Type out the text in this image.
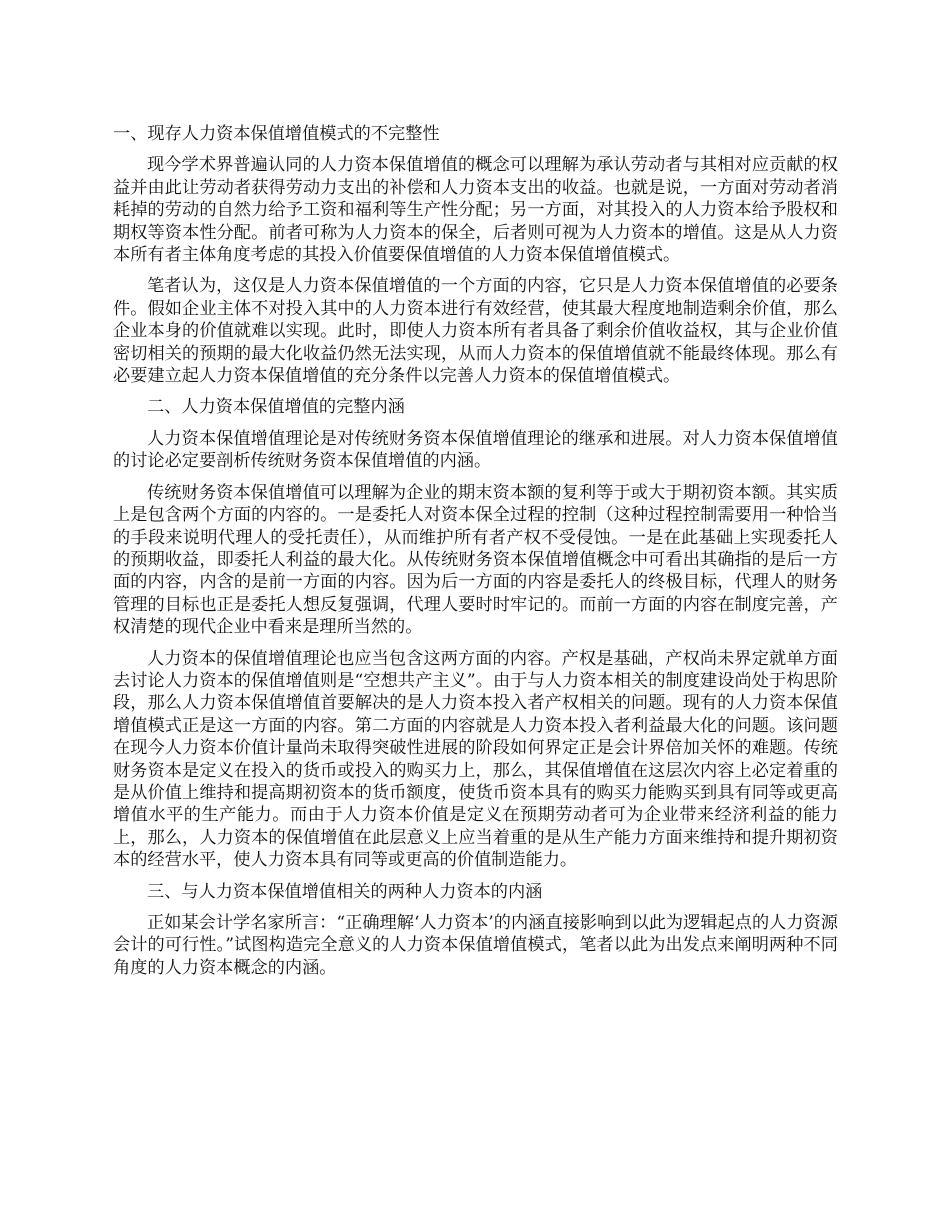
一、现存人力资本保值增值模式的不完整性

现今学术界普遍认同的人力资本保值增值的概念可以理解为承认劳动者与其相对应贡献的权益并由此让劳动者获得劳动力支出的补偿和人力资本支出的收益。也就是说，一方面对劳动者消耗掉的劳动的自然力给予工资和福利等生产性分配；另一方面，对其投入的人力资本给予股权和期权等资本性分配。前者可称为人力资本的保全，后者则可视为人力资本的增值。这是从人力资本所有者主体角度考虑的其投入价值要保值增值的人力资本保值增值模式。

笔者认为，这仅是人力资本保值增值的一个方面的内容，它只是人力资本保值增值的必要条件。假如企业主体不对投入其中的人力资本进行有效经营，使其最大程度地制造剩余价值，那么企业本身的价值就难以实现。此时，即使人力资本所有者具备了剩余价值收益权，其与企业价值密切相关的预期的最大化收益仍然无法实现，从而人力资本的保值增值就不能最终体现。那么有必要建立起人力资本保值增值的充分条件以完善人力资本的保值增值模式。

二、人力资本保值增值的完整内涵

人力资本保值增值理论是对传统财务资本保值增值理论的继承和进展。对人力资本保值增值的讨论必定要剖析传统财务资本保值增值的内涵。

传统财务资本保值增值可以理解为企业的期末资本额的复利等于或大于期初资本额。其实质上是包含两个方面的内容的。一是委托人对资本保全过程的控制（这种过程控制需要用一种恰当的手段来说明代理人的受托责任），从而维护所有者产权不受侵蚀。一是在此基础上实现委托人的预期收益，即委托人利益的最大化。从传统财务资本保值增值概念中可看出其确指的是后一方面的内容，内含的是前一方面的内容。因为后一方面的内容是委托人的终极目标，代理人的财务管理的目标也正是委托人想反复强调，代理人要时时牢记的。而前一方面的内容在制度完善，产权清楚的现代企业中看来是理所当然的。

人力资本的保值增值理论也应当包含这两方面的内容。产权是基础，产权尚未界定就单方面去讨论人力资本的保值增值则是“空想共产主义”。由于与人力资本相关的制度建设尚处于构思阶段，那么人力资本保值增值首要解决的是人力资本投入者产权相关的问题。现有的人力资本保值增值模式正是这一方面的内容。第二方面的内容就是人力资本投入者利益最大化的问题。该问题在现今人力资本价值计量尚未取得突破性进展的阶段如何界定正是会计界倍加关怀的难题。传统财务资本是定义在投入的货币或投入的购买力上，那么，其保值增值在这层次内容上必定着重的是从价值上维持和提高期初资本的货币额度，使货币资本具有的购买力能购买到具有同等或更高增值水平的生产能力。而由于人力资本价值是定义在预期劳动者可为企业带来经济利益的能力上，那么，人力资本的保值增值在此层意义上应当着重的是从生产能力方面来维持和提升期初资本的经营水平，使人力资本具有同等或更高的价值制造能力。

三、与人力资本保值增值相关的两种人力资本的内涵

正如某会计学名家所言：“正确理解‘人力资本’的内涵直接影响到以此为逻辑起点的人力资源会计的可行性。”试图构造完全意义的人力资本保值增值模式，笔者以此为出发点来阐明两种不同角度的人力资本概念的内涵。
